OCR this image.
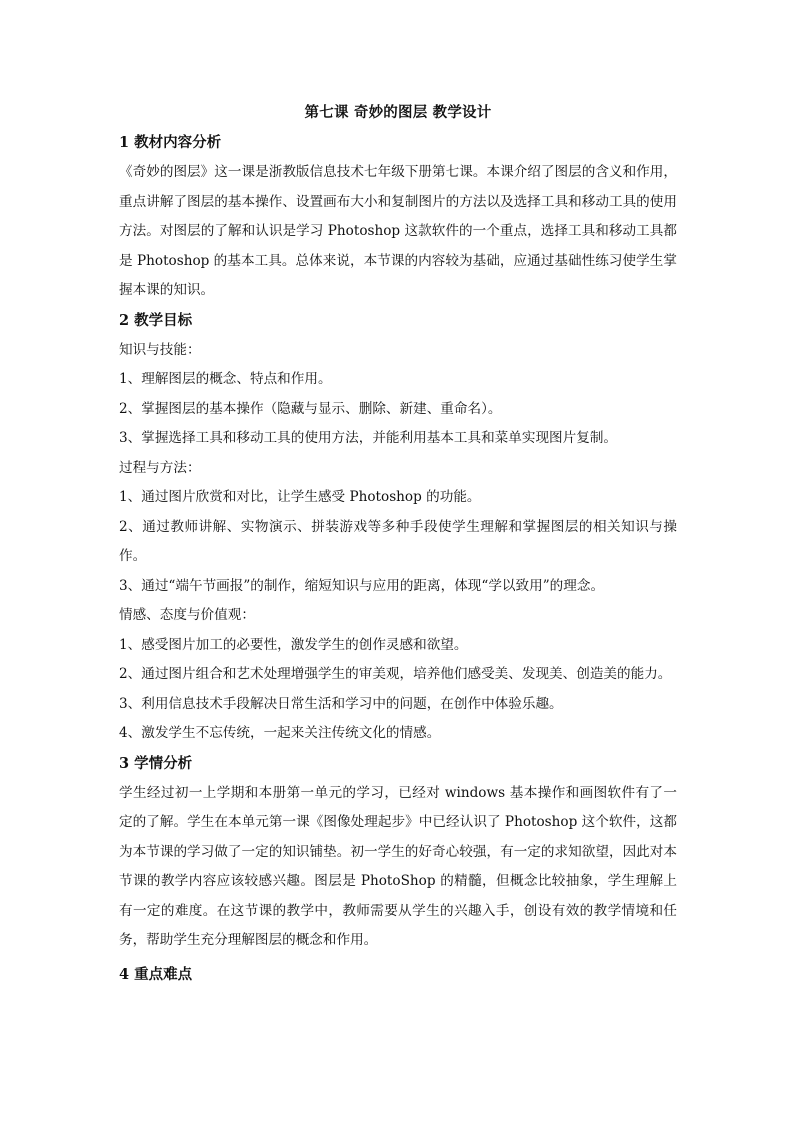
第七课 奇妙的图层 教学设计
1 教材内容分析
《奇妙的图层》这一课是浙教版信息技术七年级下册第七课。本课介绍了图层的含义和作用，重点讲解了图层的基本操作、设置画布大小和复制图片的方法以及选择工具和移动工具的使用方法。对图层的了解和认识是学习 Photoshop 这款软件的一个重点，选择工具和移动工具都是 Photoshop 的基本工具。总体来说，本节课的内容较为基础，应通过基础性练习使学生掌握本课的知识。
2 教学目标
知识与技能：
1、理解图层的概念、特点和作用。
2、掌握图层的基本操作（隐藏与显示、删除、新建、重命名）。
3、掌握选择工具和移动工具的使用方法，并能利用基本工具和菜单实现图片复制。
过程与方法：
1、通过图片欣赏和对比，让学生感受 Photoshop 的功能。
2、通过教师讲解、实物演示、拼装游戏等多种手段使学生理解和掌握图层的相关知识与操作。
3、通过“端午节画报”的制作，缩短知识与应用的距离，体现“学以致用”的理念。
情感、态度与价值观：
1、感受图片加工的必要性，激发学生的创作灵感和欲望。
2、通过图片组合和艺术处理增强学生的审美观，培养他们感受美、发现美、创造美的能力。
3、利用信息技术手段解决日常生活和学习中的问题，在创作中体验乐趣。
4、激发学生不忘传统，一起来关注传统文化的情感。
3 学情分析
学生经过初一上学期和本册第一单元的学习，已经对 windows 基本操作和画图软件有了一定的了解。学生在本单元第一课《图像处理起步》中已经认识了 Photoshop 这个软件，这都为本节课的学习做了一定的知识铺垫。初一学生的好奇心较强，有一定的求知欲望，因此对本节课的教学内容应该较感兴趣。图层是 PhotoShop 的精髓，但概念比较抽象，学生理解上有一定的难度。在这节课的教学中，教师需要从学生的兴趣入手，创设有效的教学情境和任务，帮助学生充分理解图层的概念和作用。
4 重点难点
